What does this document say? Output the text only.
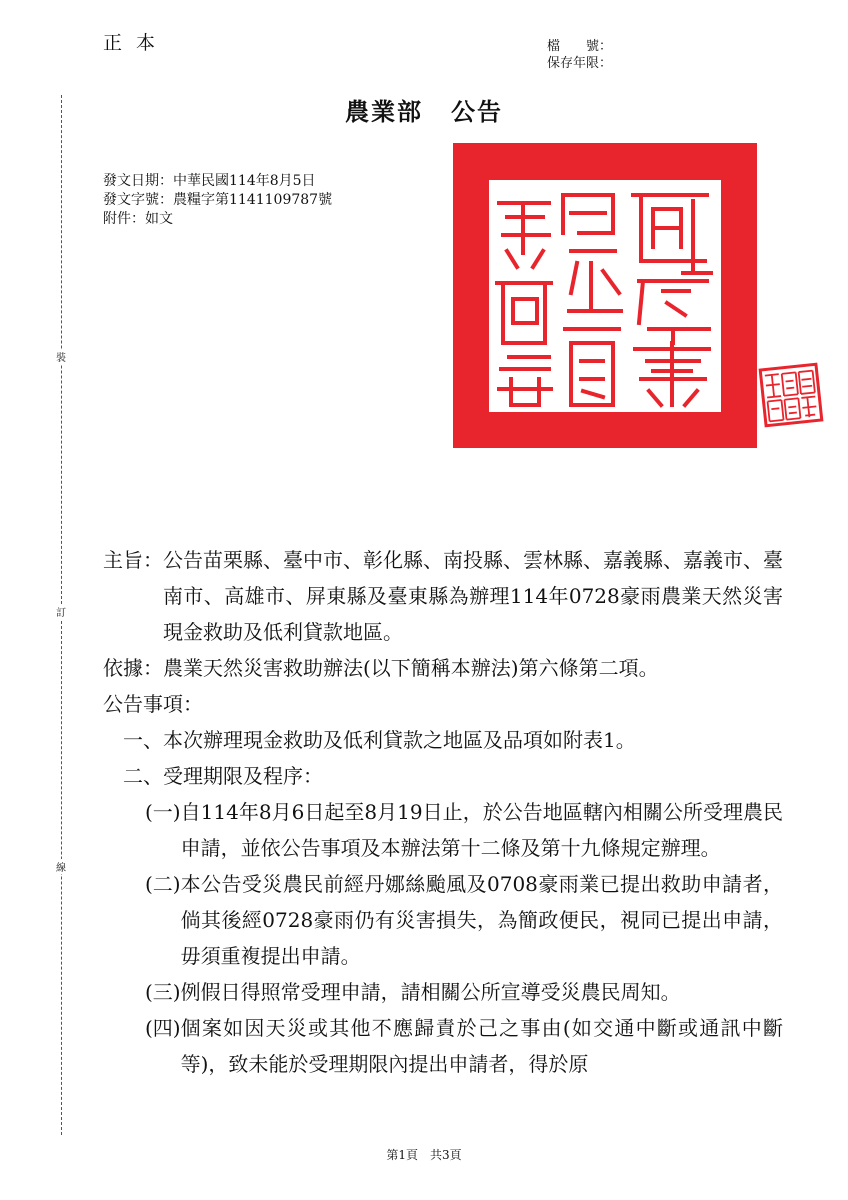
正本	檔　　號：
保存年限：
農業部 公告
裝
訂
線
發文日期：中華民國114年8月5日
發文字號：農糧字第1141109787號
附件：如文
主旨： 公告苗栗縣、臺中市、彰化縣、南投縣、雲林縣、嘉義縣、嘉義市、臺南市、高雄市、屏東縣及臺東縣為辦理114年0728豪雨農業天然災害現金救助及低利貸款地區。
依據： 農業天然災害救助辦法(以下簡稱本辦法)第六條第二項。
公告事項：
一、 本次辦理現金救助及低利貸款之地區及品項如附表1。
二、 受理期限及程序：
(一) 自114年8月6日起至8月19日止，於公告地區轄內相關公所受理農民申請，並依公告事項及本辦法第十二條及第十九條規定辦理。
(二) 本公告受災農民前經丹娜絲颱風及0708豪雨業已提出救助申請者，倘其後經0728豪雨仍有災害損失，為簡政便民，視同已提出申請，毋須重複提出申請。
(三) 例假日得照常受理申請，請相關公所宣導受災農民周知。
(四) 個案如因天災或其他不應歸責於己之事由(如交通中斷或通訊中斷等)，致未能於受理期限內提出申請者，得於原
第1頁　共3頁
